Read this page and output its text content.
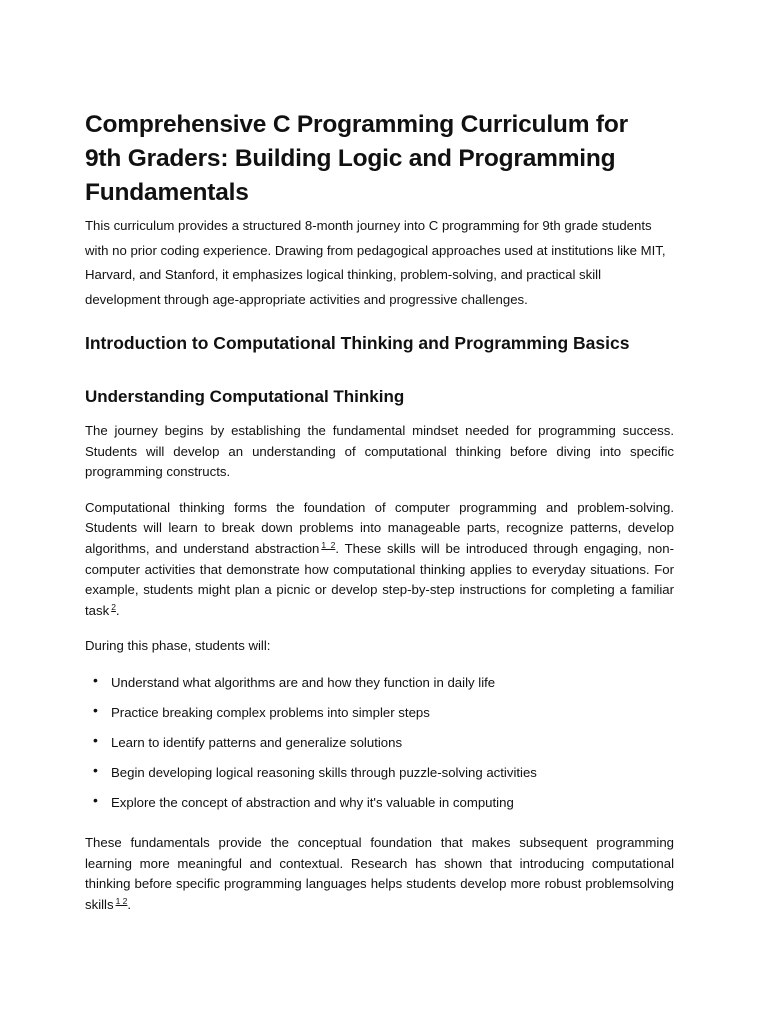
Comprehensive C Programming Curriculum for 9th Graders: Building Logic and Programming Fundamentals

This curriculum provides a structured 8-month journey into C programming for 9th grade students with no prior coding experience. Drawing from pedagogical approaches used at institutions like MIT, Harvard, and Stanford, it emphasizes logical thinking, problem-solving, and practical skill development through age-appropriate activities and progressive challenges.

Introduction to Computational Thinking and Programming Basics
Understanding Computational Thinking

The journey begins by establishing the fundamental mindset needed for programming success. Students will develop an understanding of computational thinking before diving into specific programming constructs.

Computational thinking forms the foundation of computer programming and problem-solving. Students will learn to break down problems into manageable parts, recognize patterns, develop algorithms, and understand abstraction $^{1 2}$. These skills will be introduced through engaging, non-computer activities that demonstrate how computational thinking applies to everyday situations. For example, students might plan a picnic or develop step-by-step instructions for completing a familiar task $^2$.

During this phase, students will:

• Understand what algorithms are and how they function in daily life
• Practice breaking complex problems into simpler steps
• Learn to identify patterns and generalize solutions
• Begin developing logical reasoning skills through puzzle-solving activities
• Explore the concept of abstraction and why it's valuable in computing

These fundamentals provide the conceptual foundation that makes subsequent programming learning more meaningful and contextual. Research has shown that introducing computational thinking before specific programming languages helps students develop more robust problemsolving skills $^{1 2}$.
